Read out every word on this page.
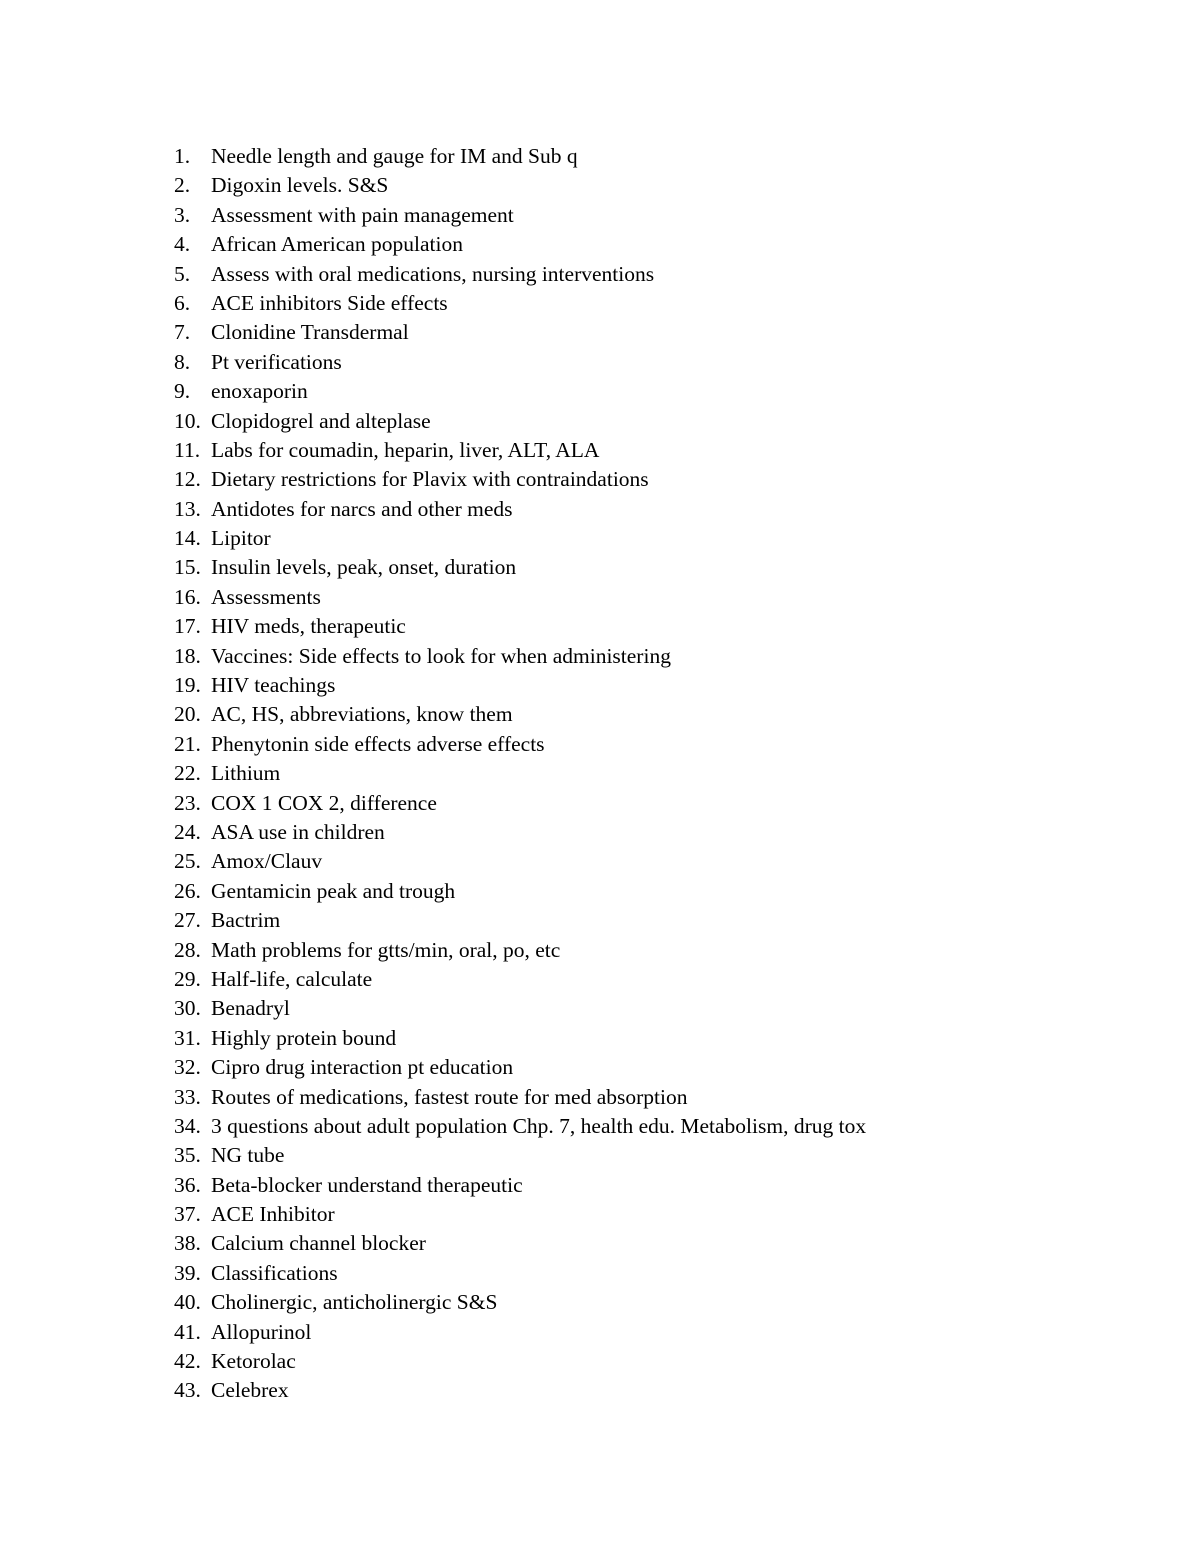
1. Needle length and gauge for IM and Sub q
2. Digoxin levels. S&S
3. Assessment with pain management
4. African American population
5. Assess with oral medications, nursing interventions
6. ACE inhibitors Side effects
7. Clonidine Transdermal
8. Pt verifications
9. enoxaporin
10. Clopidogrel and alteplase
11. Labs for coumadin, heparin, liver, ALT, ALA
12. Dietary restrictions for Plavix with contraindations
13. Antidotes for narcs and other meds
14. Lipitor
15. Insulin levels, peak, onset, duration
16. Assessments
17. HIV meds, therapeutic
18. Vaccines: Side effects to look for when administering
19. HIV teachings
20. AC, HS, abbreviations, know them
21. Phenytonin side effects adverse effects
22. Lithium
23. COX 1 COX 2, difference
24. ASA use in children
25. Amox/Clauv
26. Gentamicin peak and trough
27. Bactrim
28. Math problems for gtts/min, oral, po, etc
29. Half-life, calculate
30. Benadryl
31. Highly protein bound
32. Cipro drug interaction pt education
33. Routes of medications, fastest route for med absorption
34. 3 questions about adult population Chp. 7, health edu. Metabolism, drug tox
35. NG tube
36. Beta-blocker understand therapeutic
37. ACE Inhibitor
38. Calcium channel blocker
39. Classifications
40. Cholinergic, anticholinergic S&S
41. Allopurinol
42. Ketorolac
43. Celebrex
